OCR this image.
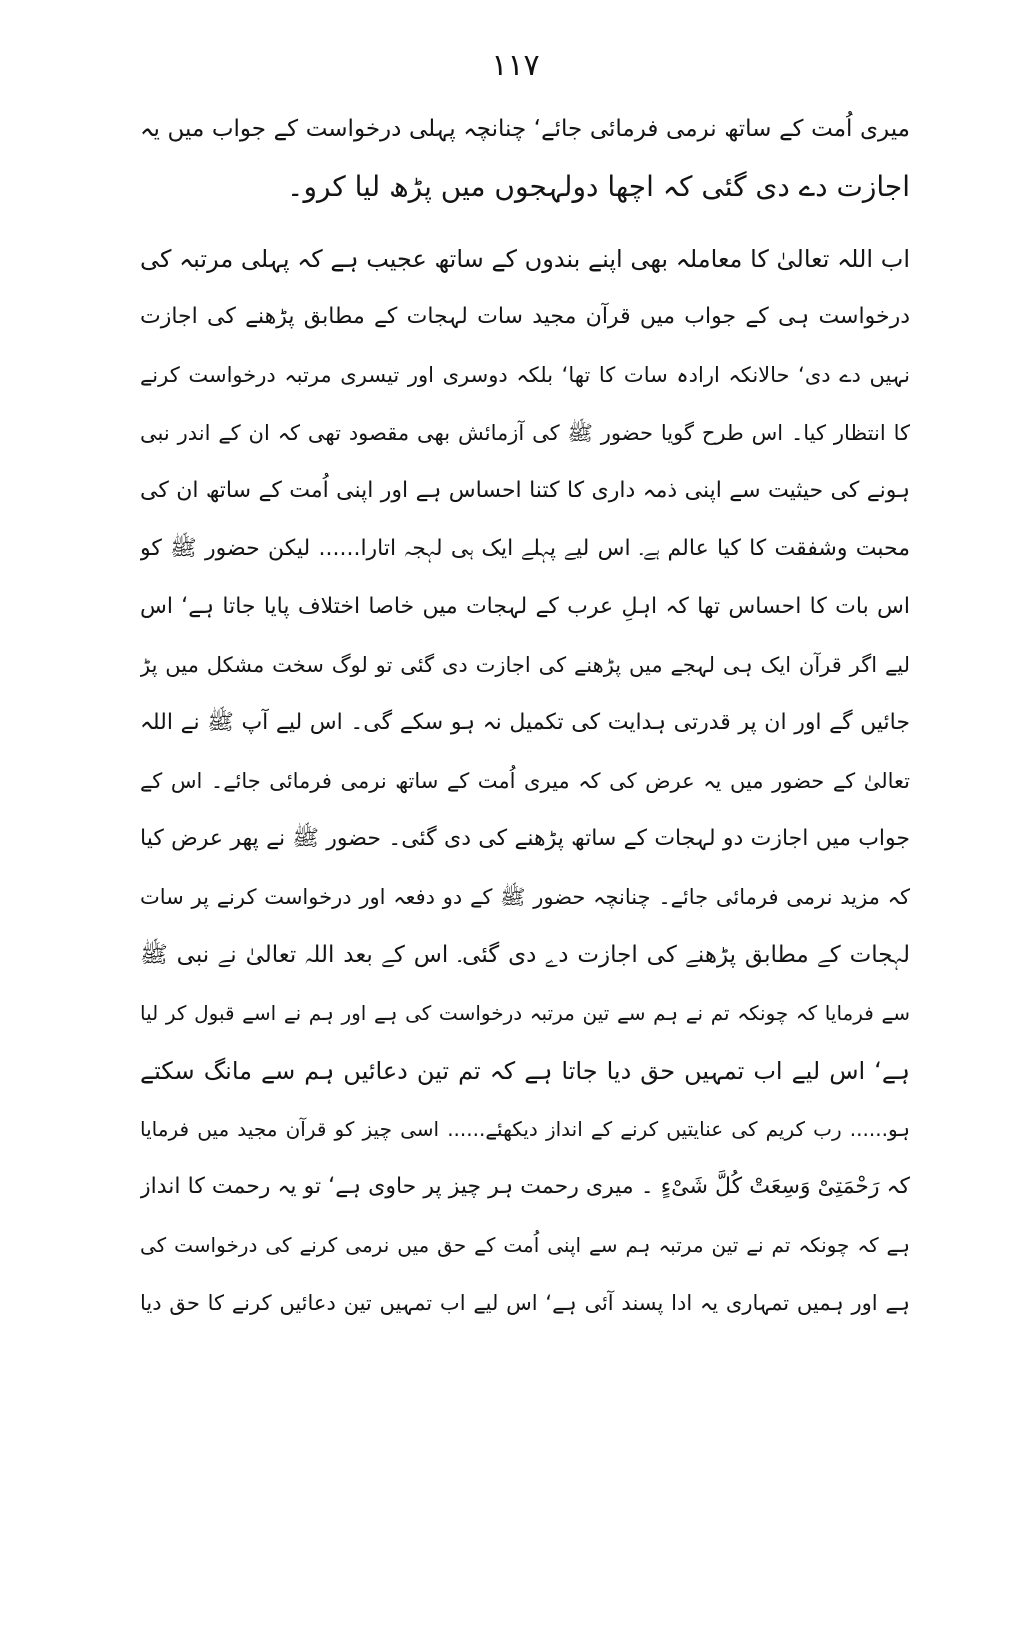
۱۱۷
میری اُمت کے ساتھ نرمی فرمائی جائے‘ چنانچہ پہلی درخواست کے جواب میں یہ
اجازت دے دی گئی کہ اچھا دولہجوں میں پڑھ لیا کرو۔
اب اللہ تعالیٰ کا معاملہ بھی اپنے بندوں کے ساتھ عجیب ہے کہ پہلی مرتبہ کی
درخواست ہی کے جواب میں قرآن مجید سات لہجات کے مطابق پڑھنے کی اجازت
نہیں دے دی‘ حالانکہ ارادہ سات کا تھا‘ بلکہ دوسری اور تیسری مرتبہ درخواست کرنے
کا انتظار کیا۔ اس طرح گویا حضور ﷺ کی آزمائش بھی مقصود تھی کہ ان کے اندر نبی
ہونے کی حیثیت سے اپنی ذمہ داری کا کتنا احساس ہے اور اپنی اُمت کے ساتھ ان کی
محبت وشفقت کا کیا عالم ہے۔ اس لیے پہلے ایک ہی لہجہ اتارا...... لیکن حضور ﷺ کو
اس بات کا احساس تھا کہ اہلِ عرب کے لہجات میں خاصا اختلاف پایا جاتا ہے‘ اس
لیے اگر قرآن ایک ہی لہجے میں پڑھنے کی اجازت دی گئی تو لوگ سخت مشکل میں پڑ
جائیں گے اور ان پر قدرتی ہدایت کی تکمیل نہ ہو سکے گی۔ اس لیے آپ ﷺ نے اللہ
تعالیٰ کے حضور میں یہ عرض کی کہ میری اُمت کے ساتھ نرمی فرمائی جائے۔ اس کے
جواب میں اجازت دو لہجات کے ساتھ پڑھنے کی دی گئی۔ حضور ﷺ نے پھر عرض کیا
کہ مزید نرمی فرمائی جائے۔ چنانچہ حضور ﷺ کے دو دفعہ اور درخواست کرنے پر سات
لہجات کے مطابق پڑھنے کی اجازت دے دی گئی۔ اس کے بعد اللہ تعالیٰ نے نبی ﷺ
سے فرمایا کہ چونکہ تم نے ہم سے تین مرتبہ درخواست کی ہے اور ہم نے اسے قبول کر لیا
ہے‘ اس لیے اب تمہیں حق دیا جاتا ہے کہ تم تین دعائیں ہم سے مانگ سکتے
ہو...... رب کریم کی عنایتیں کرنے کے انداز دیکھئے...... اسی چیز کو قرآن مجید میں فرمایا
کہ رَحْمَتِیْ وَسِعَتْ كُلَّ شَیْءٍ ۔ میری رحمت ہر چیز پر حاوی ہے‘ تو یہ رحمت کا انداز
ہے کہ چونکہ تم نے تین مرتبہ ہم سے اپنی اُمت کے حق میں نرمی کرنے کی درخواست کی
ہے اور ہمیں تمہاری یہ ادا پسند آئی ہے‘ اس لیے اب تمہیں تین دعائیں کرنے کا حق دیا
